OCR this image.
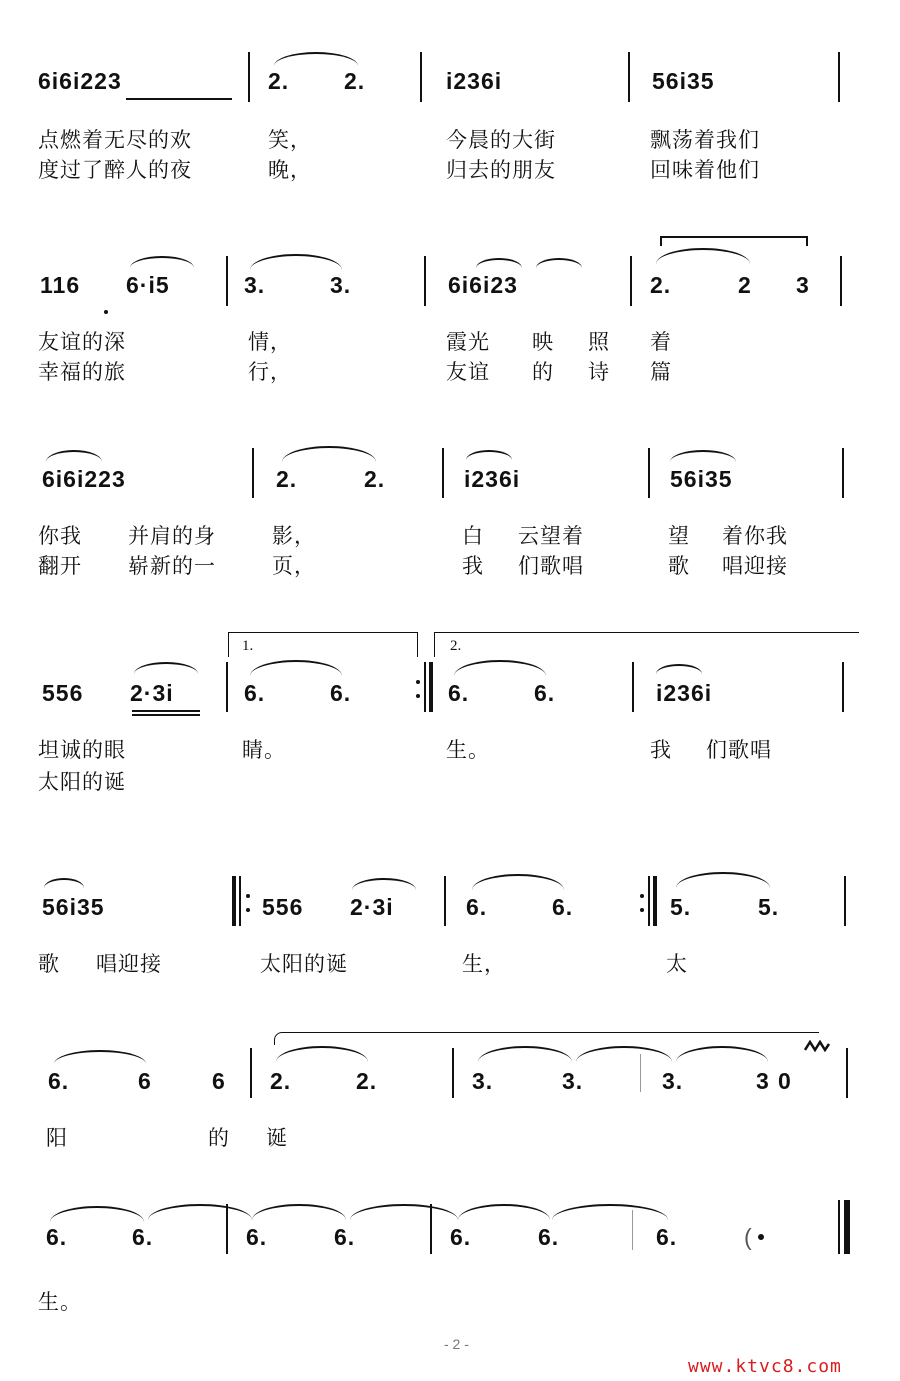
6i6i223	2. 2.	i236i	56i35
点燃着无尽的欢	笑，	今晨的大街	飘荡着我们
度过了醉人的夜	晚，	归去的朋友	回味着他们
116 6·i5	3.	3.	6i6i23	2.	2 3
友谊的深	情，	霞光 映 照 着
幸福的旅	行，	友谊 的 诗 篇
6i6i223	2.	2.	i236i	56i35
你我 并肩的身	影，	白 云望着	望 着你我
翻开 崭新的一	页，	我 们歌唱	歌 唱迎接
1.	2.
556 2·3i	6.	6.	6.	6.	i236i
坦诚的眼	睛。	生。	我 们歌唱
太阳的诞
56i35	556 2·3i	6.	6.	5.	5.
歌 唱迎接	太阳的诞	生，	太
6.	6	6 2.	2.	3.	3.	3.	3 0
阳	的 诞
6.	6.	6.	6.	6.	6.	6.	(
生。
- 2 -
www.ktvc8.com
